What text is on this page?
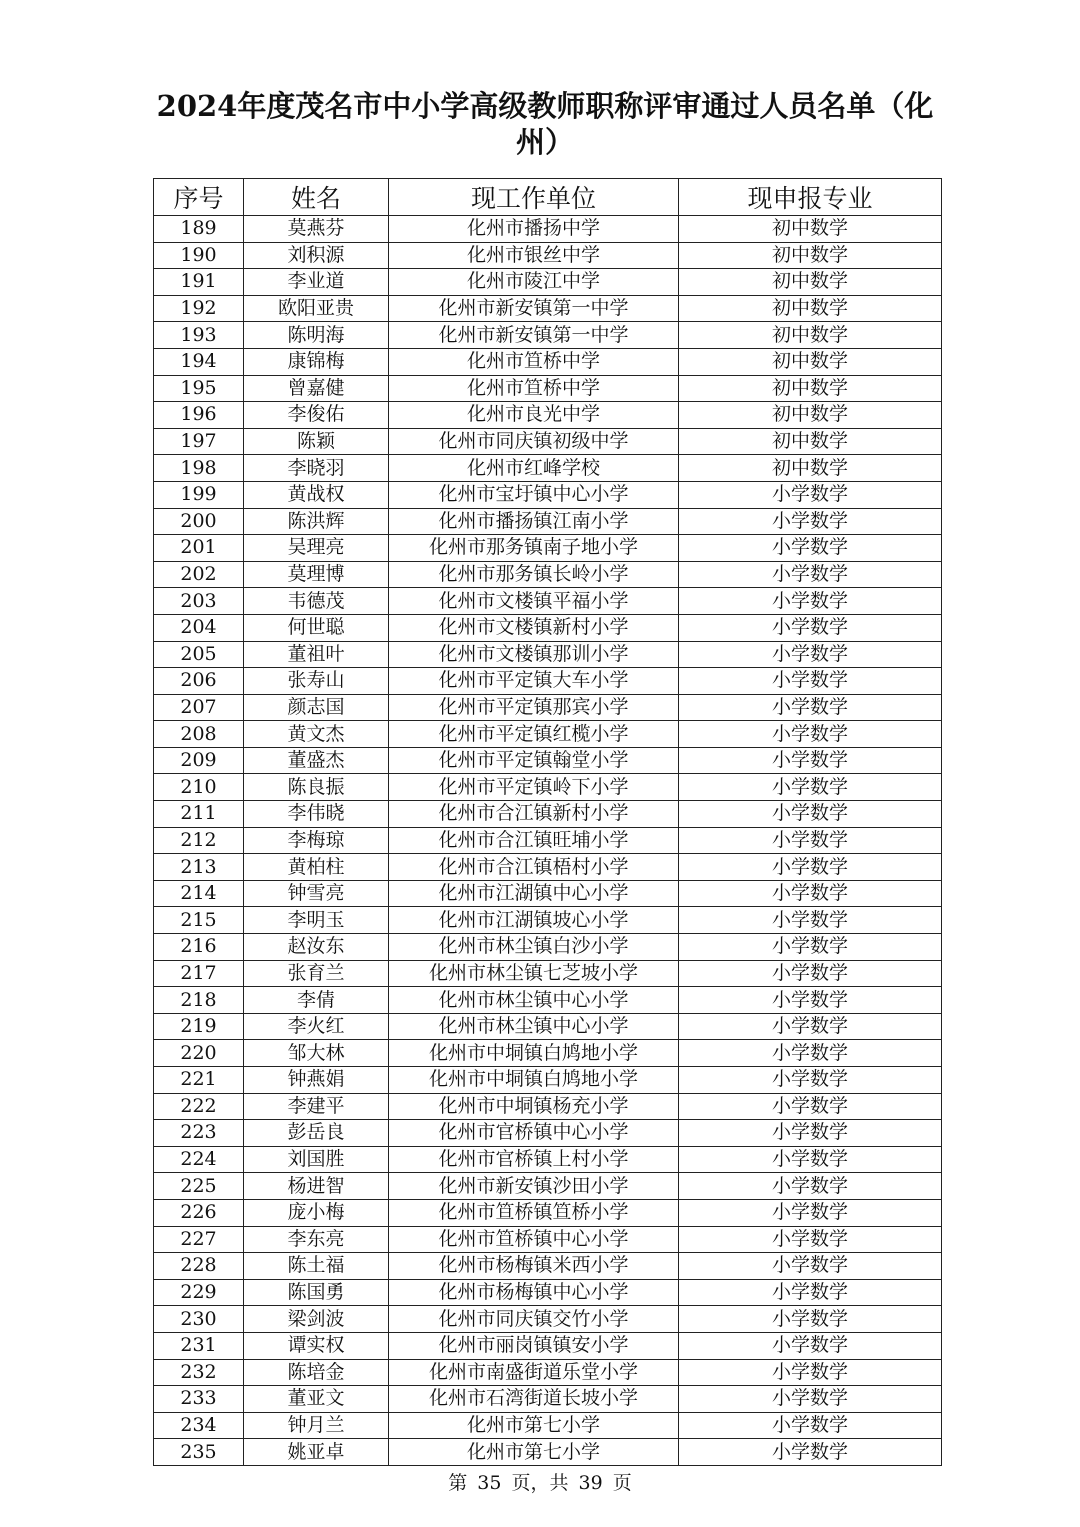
2024年度茂名市中小学高级教师职称评审通过人员名单（化州）
序号	姓名	现工作单位	现申报专业
189	莫燕芬	化州市播扬中学	初中数学
190	刘积源	化州市银丝中学	初中数学
191	李业道	化州市陵江中学	初中数学
192	欧阳亚贵	化州市新安镇第一中学	初中数学
193	陈明海	化州市新安镇第一中学	初中数学
194	康锦梅	化州市笪桥中学	初中数学
195	曾嘉健	化州市笪桥中学	初中数学
196	李俊佑	化州市良光中学	初中数学
197	陈颖	化州市同庆镇初级中学	初中数学
198	李晓羽	化州市红峰学校	初中数学
199	黄战权	化州市宝圩镇中心小学	小学数学
200	陈洪辉	化州市播扬镇江南小学	小学数学
201	吴理亮	化州市那务镇南子地小学	小学数学
202	莫理博	化州市那务镇长岭小学	小学数学
203	韦德茂	化州市文楼镇平福小学	小学数学
204	何世聪	化州市文楼镇新村小学	小学数学
205	董祖叶	化州市文楼镇那训小学	小学数学
206	张寿山	化州市平定镇大车小学	小学数学
207	颜志国	化州市平定镇那宾小学	小学数学
208	黄文杰	化州市平定镇红榄小学	小学数学
209	董盛杰	化州市平定镇翰堂小学	小学数学
210	陈良振	化州市平定镇岭下小学	小学数学
211	李伟晓	化州市合江镇新村小学	小学数学
212	李梅琼	化州市合江镇旺埔小学	小学数学
213	黄柏柱	化州市合江镇梧村小学	小学数学
214	钟雪亮	化州市江湖镇中心小学	小学数学
215	李明玉	化州市江湖镇坡心小学	小学数学
216	赵汝东	化州市林尘镇白沙小学	小学数学
217	张育兰	化州市林尘镇七芝坡小学	小学数学
218	李倩	化州市林尘镇中心小学	小学数学
219	李火红	化州市林尘镇中心小学	小学数学
220	邹大林	化州市中垌镇白鸠地小学	小学数学
221	钟燕娟	化州市中垌镇白鸠地小学	小学数学
222	李建平	化州市中垌镇杨充小学	小学数学
223	彭岳良	化州市官桥镇中心小学	小学数学
224	刘国胜	化州市官桥镇上村小学	小学数学
225	杨进智	化州市新安镇沙田小学	小学数学
226	庞小梅	化州市笪桥镇笪桥小学	小学数学
227	李东亮	化州市笪桥镇中心小学	小学数学
228	陈土福	化州市杨梅镇米西小学	小学数学
229	陈国勇	化州市杨梅镇中心小学	小学数学
230	梁剑波	化州市同庆镇交竹小学	小学数学
231	谭实权	化州市丽岗镇镇安小学	小学数学
232	陈培金	化州市南盛街道乐堂小学	小学数学
233	董亚文	化州市石湾街道长坡小学	小学数学
234	钟月兰	化州市第七小学	小学数学
235	姚亚卓	化州市第七小学	小学数学
第 35 页，共 39 页
